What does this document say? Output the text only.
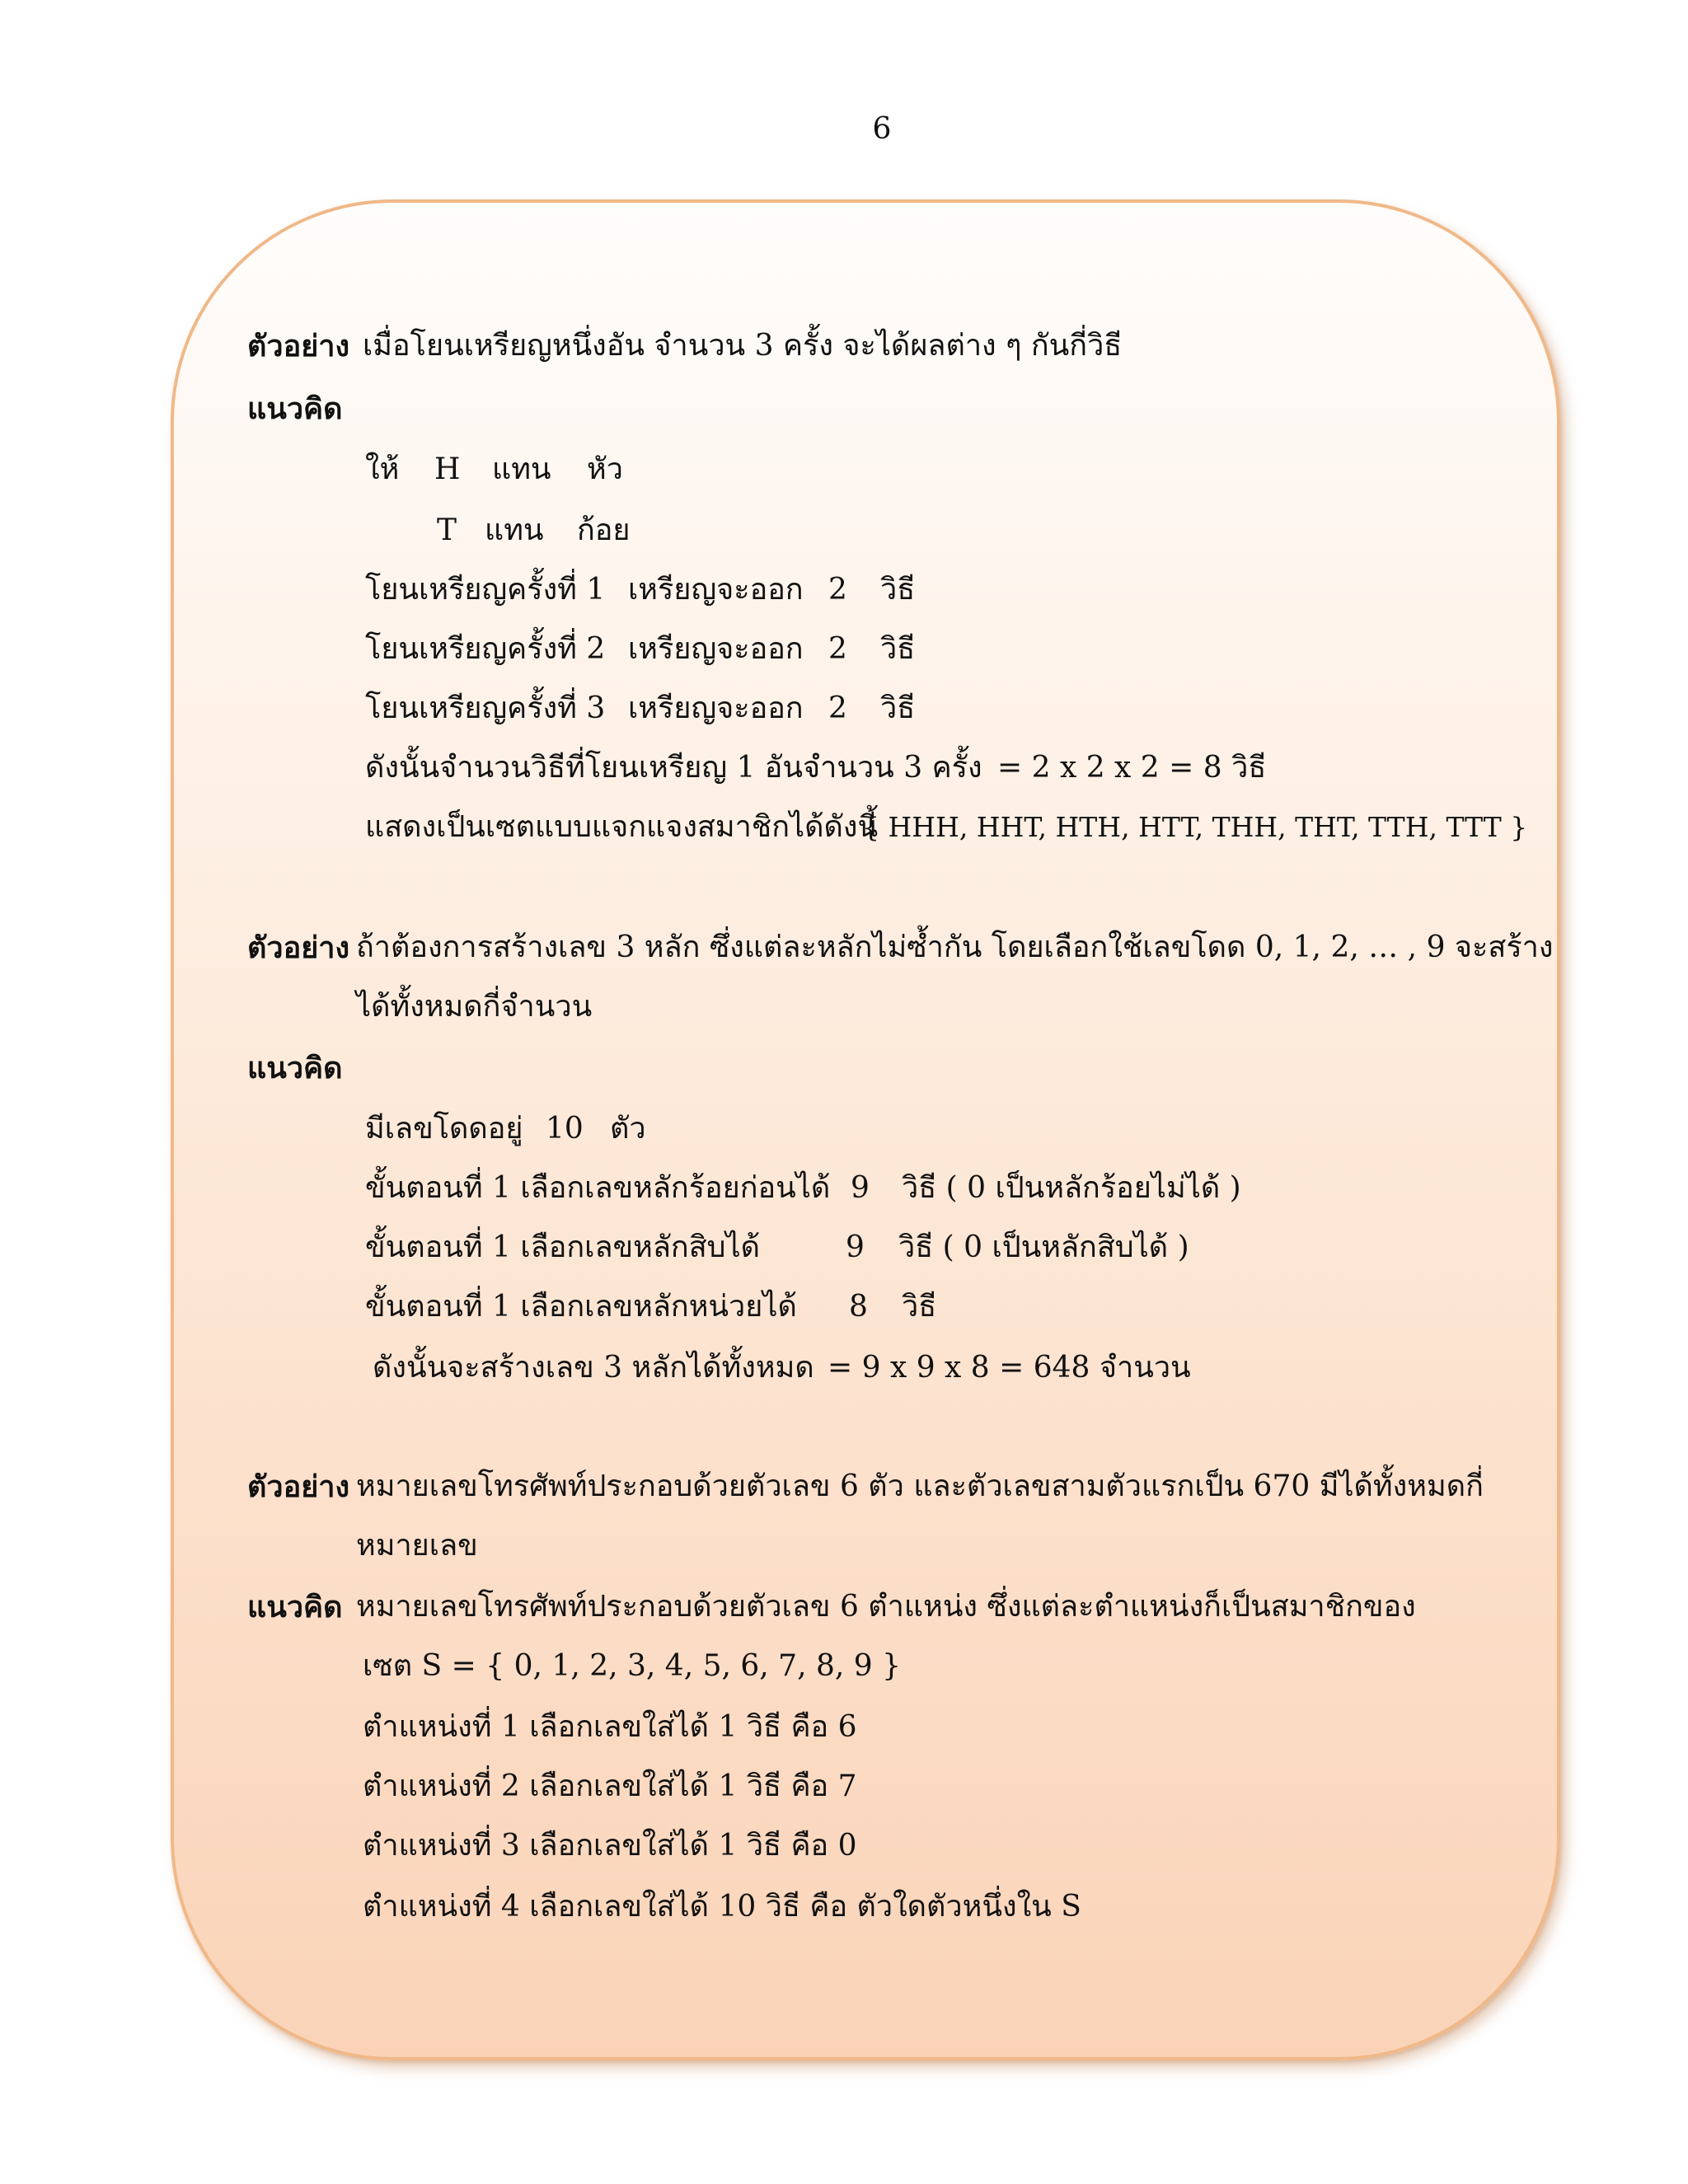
6
ตัวอย่าง เมื่อโยนเหรียญหนึ่งอัน จำนวน 3 ครั้ง จะได้ผลต่าง ๆ กันกี่วิธี
แนวคิด
ให้ H แทน หัว
T แทน ก้อย
โยนเหรียญครั้งที่ 1 เหรียญจะออก 2 วิธี
โยนเหรียญครั้งที่ 2 เหรียญจะออก 2 วิธี
โยนเหรียญครั้งที่ 3 เหรียญจะออก 2 วิธี
ดังนั้นจำนวนวิธีที่โยนเหรียญ 1 อันจำนวน 3 ครั้ง = 2 x 2 x 2 = 8 วิธี
แสดงเป็นเซตแบบแจกแจงสมาชิกได้ดังนี้
{ HHH, HHT, HTH, HTT, THH, THT, TTH, TTT }
ตัวอย่าง ถ้าต้องการสร้างเลข 3 หลัก ซึ่งแต่ละหลักไม่ซ้ำกัน โดยเลือกใช้เลขโดด 0, 1, 2, … , 9 จะสร้าง
ได้ทั้งหมดกี่จำนวน
แนวคิด
มีเลขโดดอยู่ 10 ตัว
ขั้นตอนที่ 1 เลือกเลขหลักร้อยก่อนได้ 9 วิธี ( 0 เป็นหลักร้อยไม่ได้ )
ขั้นตอนที่ 1 เลือกเลขหลักสิบได้	9 วิธี ( 0 เป็นหลักสิบได้ )
ขั้นตอนที่ 1 เลือกเลขหลักหน่วยได้ 8 วิธี
ดังนั้นจะสร้างเลข 3 หลักได้ทั้งหมด = 9 x 9 x 8 = 648 จำนวน
ตัวอย่าง หมายเลขโทรศัพท์ประกอบด้วยตัวเลข 6 ตัว และตัวเลขสามตัวแรกเป็น 670 มีได้ทั้งหมดกี่
หมายเลข
แนวคิด หมายเลขโทรศัพท์ประกอบด้วยตัวเลข 6 ตำแหน่ง ซึ่งแต่ละตำแหน่งก็เป็นสมาชิกของ
เซต S = { 0, 1, 2, 3, 4, 5, 6, 7, 8, 9 }
ตำแหน่งที่ 1 เลือกเลขใส่ได้ 1 วิธี คือ 6
ตำแหน่งที่ 2 เลือกเลขใส่ได้ 1 วิธี คือ 7
ตำแหน่งที่ 3 เลือกเลขใส่ได้ 1 วิธี คือ 0
ตำแหน่งที่ 4 เลือกเลขใส่ได้ 10 วิธี คือ ตัวใดตัวหนึ่งใน S
